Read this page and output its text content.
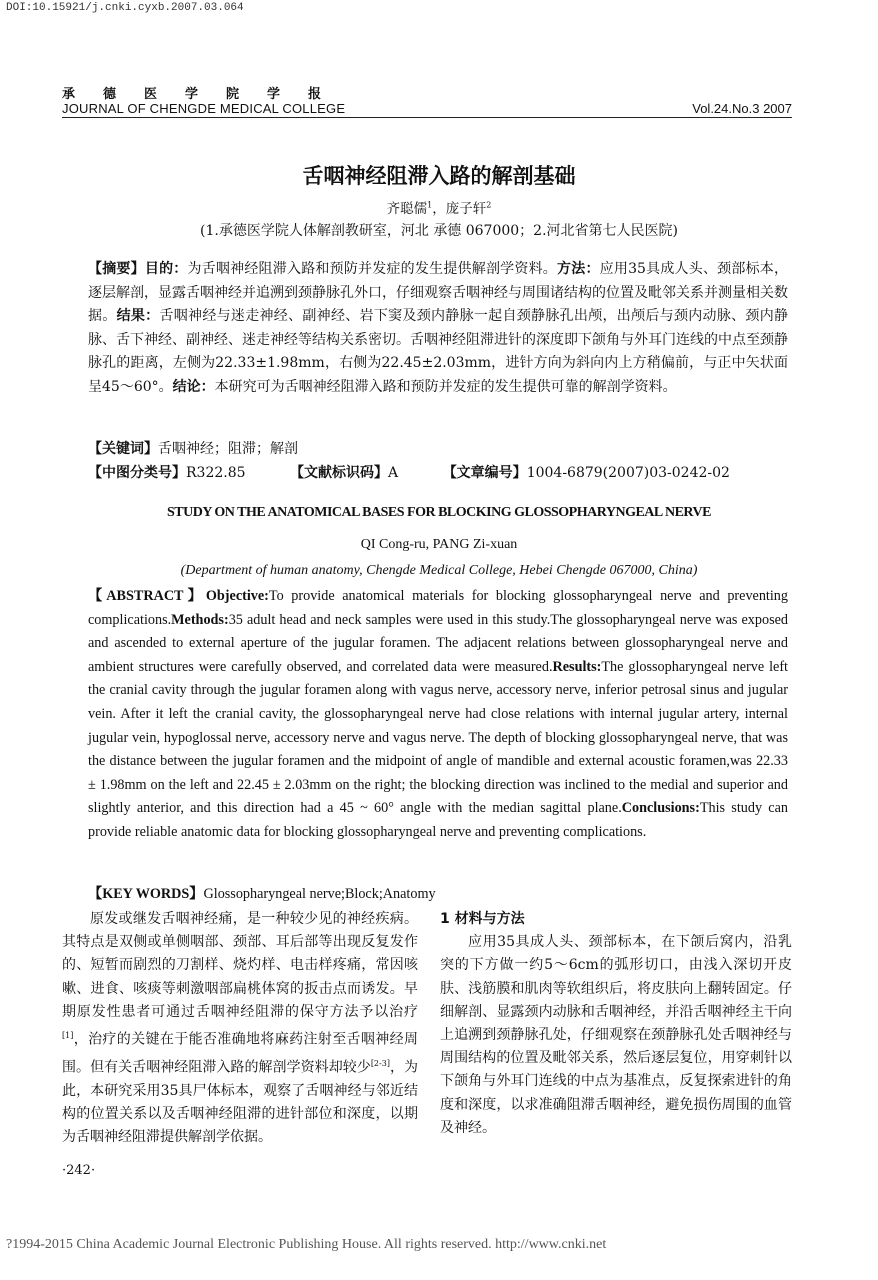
DOI:10.15921/j.cnki.cyxb.2007.03.064
承德医学院学报
JOURNAL OF CHENGDE MEDICAL COLLEGE	Vol.24.No.3 2007
舌咽神经阻滞入路的解剖基础
齐聪儒$^1$，庞子轩$^2$
(1.承德医学院人体解剖教研室，河北 承德 067000；2.河北省第七人民医院)
【摘要】目的：为舌咽神经阻滞入路和预防并发症的发生提供解剖学资料。方法：应用35具成人头、颈部标本，逐层解剖，显露舌咽神经并追溯到颈静脉孔外口，仔细观察舌咽神经与周围诸结构的位置及毗邻关系并测量相关数据。结果：舌咽神经与迷走神经、副神经、岩下窦及颈内静脉一起自颈静脉孔出颅，出颅后与颈内动脉、颈内静脉、舌下神经、副神经、迷走神经等结构关系密切。舌咽神经阻滞进针的深度即下颌角与外耳门连线的中点至颈静脉孔的距离，左侧为22.33±1.98mm，右侧为22.45±2.03mm，进针方向为斜向内上方稍偏前，与正中矢状面呈45～60°。结论：本研究可为舌咽神经阻滞入路和预防并发症的发生提供可靠的解剖学资料。
【关键词】舌咽神经；阻滞；解剖
【中图分类号】R322.85	【文献标识码】A	【文章编号】1004-6879(2007)03-0242-02
STUDY ON THE ANATOMICAL BASES FOR BLOCKING GLOSSOPHARYNGEAL NERVE
QI Cong-ru, PANG Zi-xuan
(Department of human anatomy, Chengde Medical College, Hebei Chengde 067000, China)
【ABSTRACT】Objective:To provide anatomical materials for blocking glossopharyngeal nerve and preventing complications.Methods:35 adult head and neck samples were used in this study.The glossopharyngeal nerve was exposed and ascended to external aperture of the jugular foramen. The adjacent relations between glossopharyngeal nerve and ambient structures were carefully observed, and correlated data were measured.Results:The glossopharyngeal nerve left the cranial cavity through the jugular foramen along with vagus nerve, accessory nerve, inferior petrosal sinus and jugular vein. After it left the cranial cavity, the glossopharyngeal nerve had close relations with internal jugular artery, internal jugular vein, hypoglossal nerve, accessory nerve and vagus nerve. The depth of blocking glossopharyngeal nerve, that was the distance between the jugular foramen and the midpoint of angle of mandible and external acoustic foramen,was 22.33 ± 1.98mm on the left and 22.45 ± 2.03mm on the right; the blocking direction was inclined to the medial and superior and slightly anterior, and this direction had a 45 ~ 60° angle with the median sagittal plane.Conclusions:This study can provide reliable anatomic data for blocking glossopharyngeal nerve and preventing complications.
【KEY WORDS】Glossopharyngeal nerve;Block;Anatomy
原发或继发舌咽神经痛，是一种较少见的神经疾病。其特点是双侧或单侧咽部、颈部、耳后部等出现反复发作的、短暂而剧烈的刀割样、烧灼样、电击样疼痛，常因咳嗽、进食、咳痰等刺激咽部扁桃体窝的扳击点而诱发。早期原发性患者可通过舌咽神经阻滞的保守方法予以治疗[1]，治疗的关键在于能否准确地将麻药注射至舌咽神经周围。但有关舌咽神经阻滞入路的解剖学资料却较少[2-3]，为此，本研究采用35具尸体标本，观察了舌咽神经与邻近结构的位置关系以及舌咽神经阻滞的进针部位和深度，以期为舌咽神经阻滞提供解剖学依据。
1 材料与方法
应用35具成人头、颈部标本，在下颌后窝内，沿乳突的下方做一约5～6cm的弧形切口，由浅入深切开皮肤、浅筋膜和肌肉等软组织后，将皮肤向上翻转固定。仔细解剖、显露颈内动脉和舌咽神经，并沿舌咽神经主干向上追溯到颈静脉孔处，仔细观察在颈静脉孔处舌咽神经与周围结构的位置及毗邻关系，然后逐层复位，用穿刺针以下颌角与外耳门连线的中点为基准点，反复探索进针的角度和深度，以求准确阻滞舌咽神经，避免损伤周围的血管及神经。
·242·
?1994-2015 China Academic Journal Electronic Publishing House. All rights reserved. http://www.cnki.net
